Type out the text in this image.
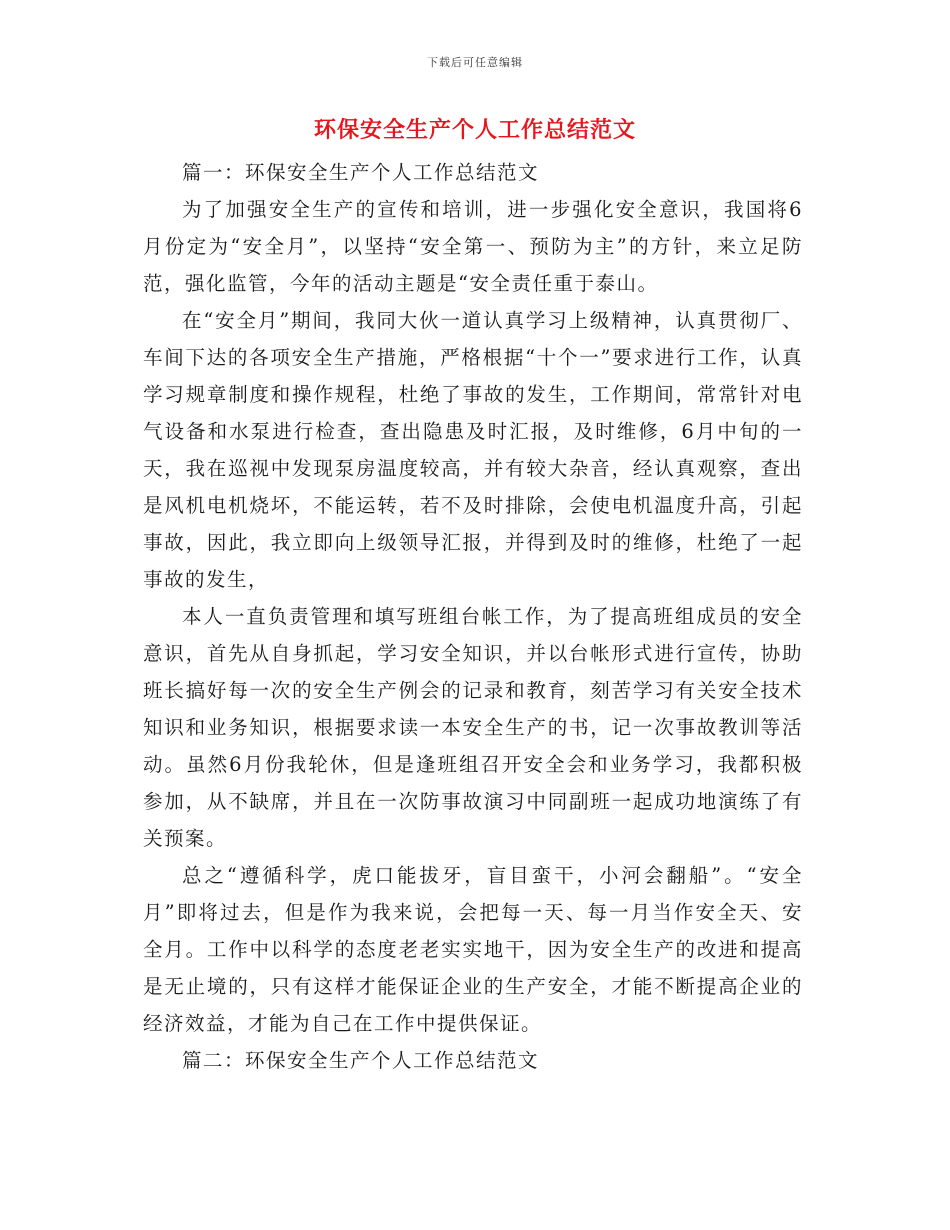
下载后可任意编辑
环保安全生产个人工作总结范文

篇一：环保安全生产个人工作总结范文

为了加强安全生产的宣传和培训，进一步强化安全意识，我国将6月份定为“安全月”，以坚持“安全第一、预防为主”的方针，来立足防范，强化监管，今年的活动主题是“安全责任重于泰山。

在“安全月”期间，我同大伙一道认真学习上级精神，认真贯彻厂、车间下达的各项安全生产措施，严格根据“十个一”要求进行工作，认真学习规章制度和操作规程，杜绝了事故的发生，工作期间，常常针对电气设备和水泵进行检查，查出隐患及时汇报，及时维修，6月中旬的一天，我在巡视中发现泵房温度较高，并有较大杂音，经认真观察，查出是风机电机烧坏，不能运转，若不及时排除，会使电机温度升高，引起事故，因此，我立即向上级领导汇报，并得到及时的维修，杜绝了一起事故的发生，

本人一直负责管理和填写班组台帐工作，为了提高班组成员的安全意识，首先从自身抓起，学习安全知识，并以台帐形式进行宣传，协助班长搞好每一次的安全生产例会的记录和教育，刻苦学习有关安全技术知识和业务知识，根据要求读一本安全生产的书，记一次事故教训等活动。虽然6月份我轮休，但是逢班组召开安全会和业务学习，我都积极参加，从不缺席，并且在一次防事故演习中同副班一起成功地演练了有关预案。

总之“遵循科学，虎口能拔牙，盲目蛮干，小河会翻船”。“安全月”即将过去，但是作为我来说，会把每一天、每一月当作安全天、安全月。工作中以科学的态度老老实实地干，因为安全生产的改进和提高是无止境的，只有这样才能保证企业的生产安全，才能不断提高企业的经济效益，才能为自己在工作中提供保证。

篇二：环保安全生产个人工作总结范文
